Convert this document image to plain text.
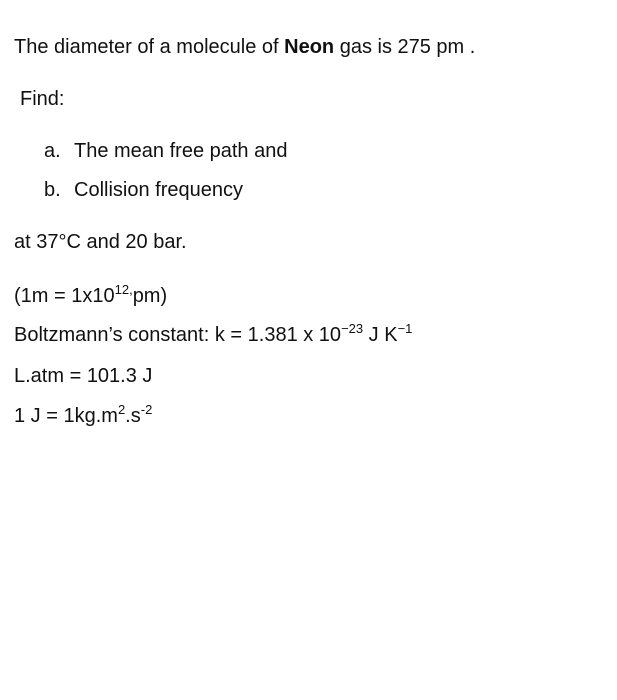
The diameter of a molecule of Neon gas is 275 pm .
Find:
a. The mean free path and
b. Collision frequency
at 37°C and 20 bar.
$(1m = 1x10^{12,}pm)$
Boltzmann’s constant: k = 1.381 x $10^{-23}$ J $K^{-1}$
L.atm = 101.3 J
1 $J = 1kg.m^2.s^{-2}$
